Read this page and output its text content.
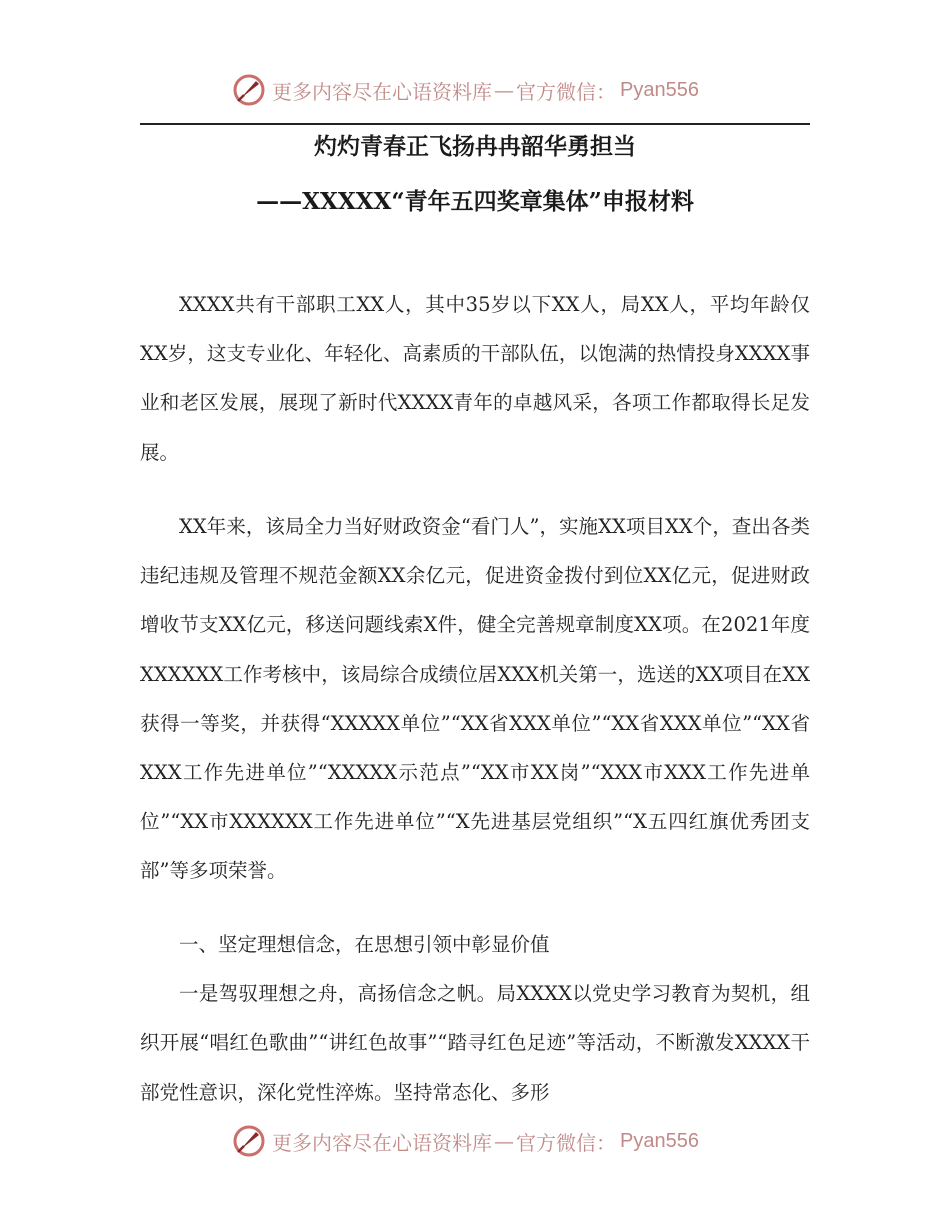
更多内容尽在心语资料库 — 官方微信： Pyan556
灼灼青春正飞扬冉冉韶华勇担当
——XXXXX“青年五四奖章集体”申报材料

XXXX共有干部职工XX人，其中35岁以下XX人，局XX人，平均年龄仅XX岁，这支专业化、年轻化、高素质的干部队伍，以饱满的热情投身XXXX事业和老区发展，展现了新时代XXXX青年的卓越风采，各项工作都取得长足发展。

XX年来，该局全力当好财政资金“看门人”，实施XX项目XX个，查出各类违纪违规及管理不规范金额XX余亿元，促进资金拨付到位XX亿元，促进财政增收节支XX亿元，移送问题线索X件，健全完善规章制度XX项。在2021年度XXXXXX工作考核中，该局综合成绩位居XXX机关第一，选送的XX项目在XX获得一等奖，并获得“XXXXX单位”“XX省XXX单位”“XX省XXX单位”“XX省XXX工作先进单位”“XXXXX示范点”“XX市XX岗”“XXX市XXX工作先进单位”“XX市XXXXXX工作先进单位”“X先进基层党组织”“X五四红旗优秀团支部”等多项荣誉。

一、坚定理想信念，在思想引领中彰显价值

一是驾驭理想之舟，高扬信念之帆。局XXXX以党史学习教育为契机，组织开展“唱红色歌曲”“讲红色故事”“踏寻红色足迹”等活动，不断激发XXXX干部党性意识，深化党性淬炼。坚持常态化、多形

更多内容尽在心语资料库 — 官方微信： Pyan556
